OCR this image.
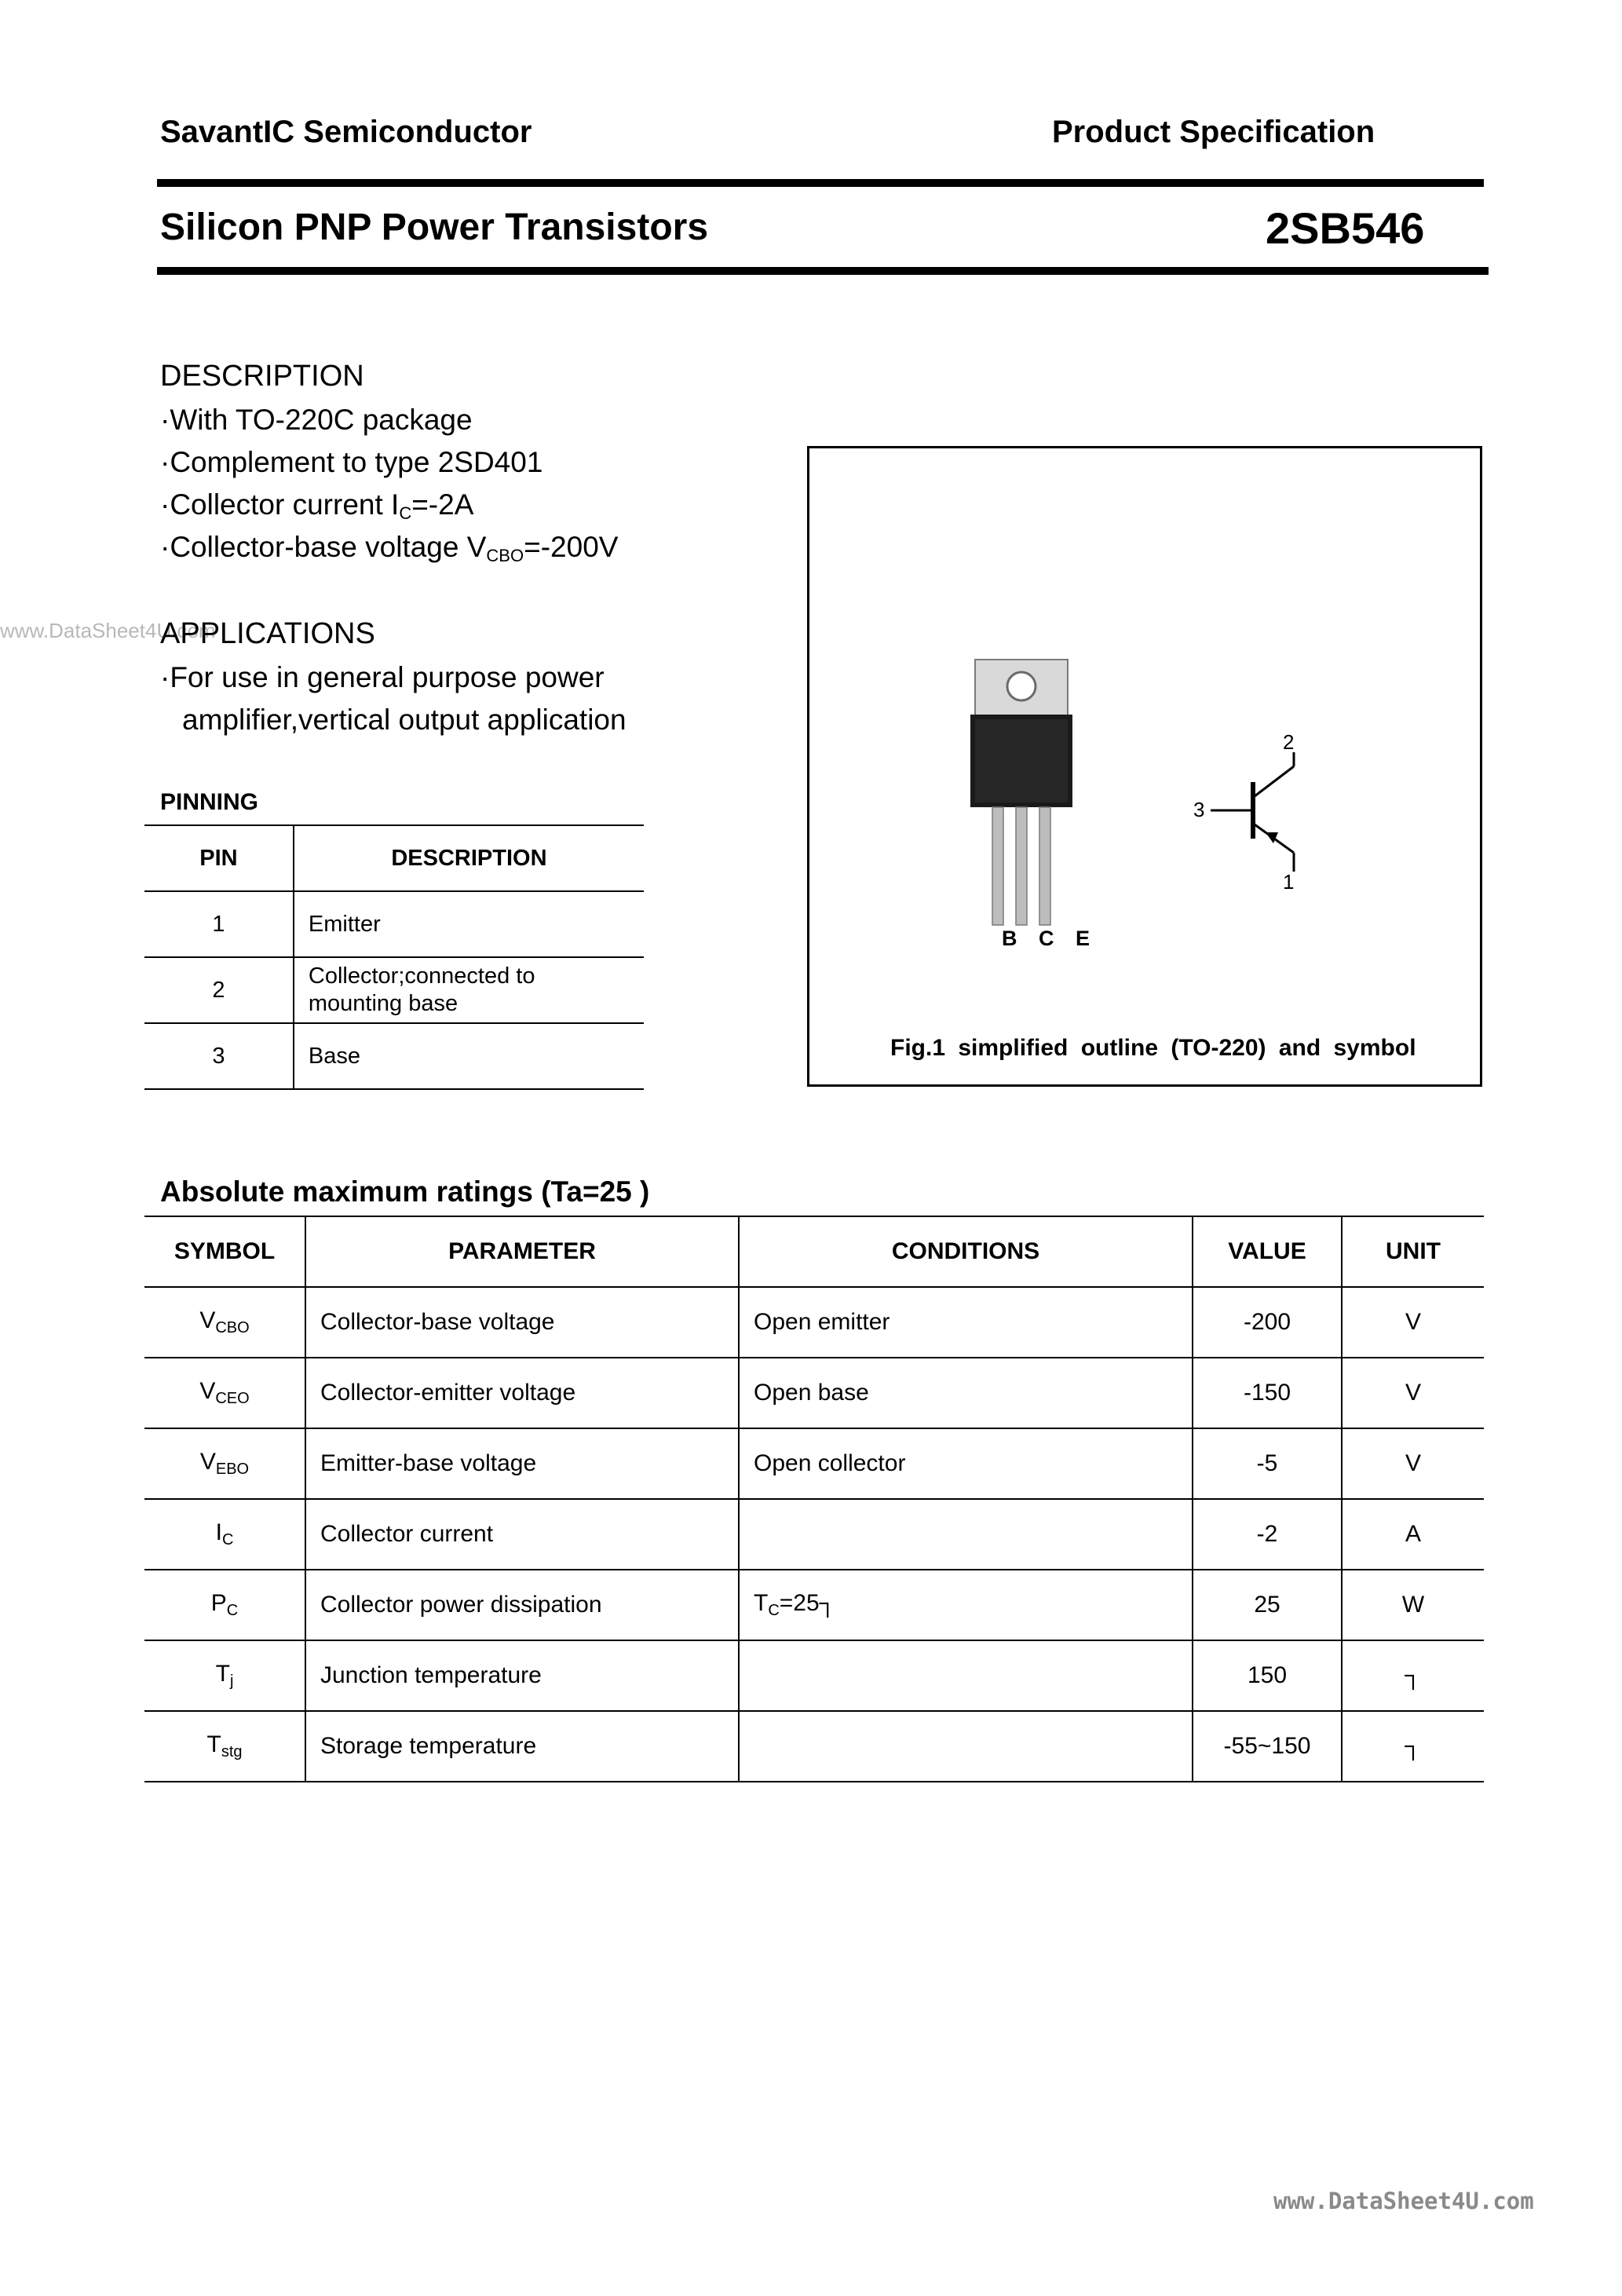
SavantIC Semiconductor	Product Specification
Silicon PNP Power Transistors	2SB546
DESCRIPTION
·With TO-220C package
·Complement to type 2SD401
·Collector current $I_C=-2A$
·Collector-base voltage $V_{CBO}=-200V$
www.DataSheet4U.com
APPLICATIONS
·For use in general purpose power
amplifier,vertical output application
PINNING
PIN	DESCRIPTION
1	Emitter
2	Collector;connected to mounting base
3	Base
B C E
2
3
1
Fig.1 simplified outline (TO-220) and symbol
Absolute maximum ratings (Ta=25 )
SYMBOL	PARAMETER	CONDITIONS	VALUE	UNIT
$V_{CBO}$	Collector-base voltage	Open emitter	-200	V
$V_{CEO}$	Collector-emitter voltage	Open base	-150	V
$V_{EBO}$	Emitter-base voltage	Open collector	-5	V
$I_C$	Collector current		-2	A
$P_C$	Collector power dissipation	$T_C=25┐$	25	W
$T_j$	Junction temperature		150	┐
$T_{stg}$	Storage temperature		-55~150	┐
www.DataSheet4U.com
